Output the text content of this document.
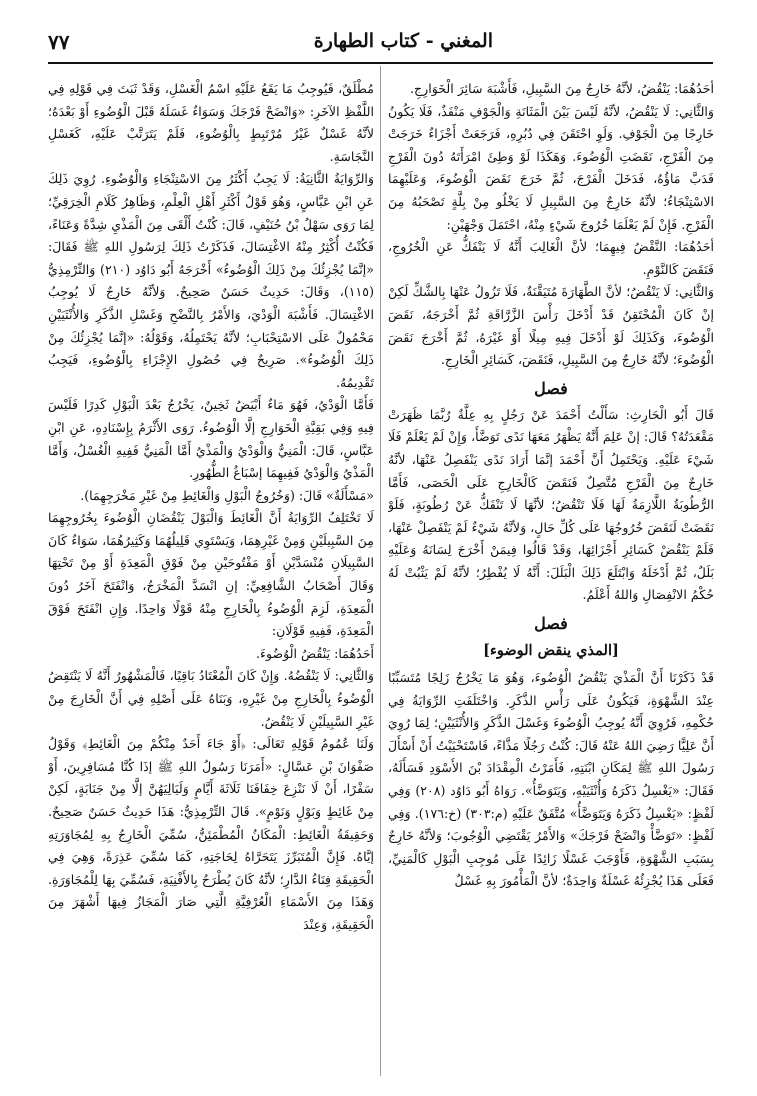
المغني - كتاب الطهارة
٧٧

أحَدُهُمَا: يَنْقُضُ، لأنَّهُ خَارِجٌ مِنَ السَّبِيلِ، فَأَشْبَهَ سَائِرَ الْخَوَارِجِ.

وَالثَّانِي: لَا يَنْقُضُ، لأنَّهُ لَيْسَ بَيْنَ الْمَثَانَةِ وَالْجَوْفِ مَنْفَذٌ، فَلَا يَكُونُ خَارِجًا مِنَ الْجَوْفِ. وَلَوِ احْتَقَنَ فِي دُبُرِهِ، فَرَجَعَتْ أَجْزَاءٌ خَرَجَتْ مِنَ الْفَرْجِ، نَقَضَتِ الْوُضُوءَ. وَهَكَذَا لَوْ وَطِئَ امْرَأَتَهُ دُونَ الْفَرْجِ فَدَبَّ مَاؤُهُ، فَدَخَلَ الْفَرْجَ، ثُمَّ خَرَجَ نَقَضَ الْوُضُوءَ، وَعَلَيْهِمَا الاسْتِنْجَاءُ؛ لأنَّهُ خَارِجٌ مِنَ السَّبِيلِ لَا يَخْلُو مِنْ بِلَّةٍ تَصْحَبُهُ مِنَ الْفَرْجِ. فَإِنْ لَمْ يَعْلَمَا خُرُوجَ شَيْءٍ مِنْهُ، احْتَمَلَ وَجْهَيْنِ:

أحَدُهُمَا: النَّقْضُ فِيهِمَا؛ لأنَّ الْغَالِبَ أَنَّهُ لَا يَنْفَكُّ عَنِ الْخُرُوجِ، فَنَقَضَ كَالنَّوْمِ.

وَالثَّانِي: لَا يَنْقُضُ؛ لأنَّ الطَّهَارَةَ مُتَيَقَّنَةٌ، فَلَا تَزُولُ عَنْهَا بِالشَّكِّ لَكِنْ إنْ كَانَ الْمُحْتَقِنُ قَدْ أَدْخَلَ رَأْسَ الزَّرَّاقَةِ ثُمَّ أَخْرَجَهُ، نَقَضَ الْوُضُوءَ، وَكَذَلِكَ لَوْ أَدْخَلَ فِيهِ مِيلًا أَوْ غَيْرَهُ، ثُمَّ أَخْرَجَ نَقَضَ الْوُضُوءَ؛ لأنَّهُ خَارِجٌ مِنَ السَّبِيلِ، فَنَقَضَ، كَسَائِرِ الْخَارِجِ.

فصل

قَالَ أَبُو الْحَارِثِ: سَأَلْتُ أَحْمَدَ عَنْ رَجُلٍ بِهِ عِلَّةٌ رُبَّمَا ظَهَرَتْ مَقْعَدَتُهُ؟ قَالَ: إنْ عَلِمَ أَنَّهُ يَظْهَرُ مَعَهَا نَدًى تَوَضَّأَ، وَإِنْ لَمْ يَعْلَمْ فَلَا شَيْءَ عَلَيْهِ. وَيَحْتَمِلُ أَنَّ أَحْمَدَ إنَّمَا أَرَادَ نَدًى يَنْفَصِلُ عَنْهَا، لأنَّهُ خَارِجٌ مِنَ الْفَرْجِ مُتَّصِلٌ فَنَقَضَ كَالْخَارِجِ عَلَى الْحَصَى، فَأَمَّا الرُّطُوبَةُ اللَّازِمَةُ لَهَا فَلَا تَنْقُضُ؛ لأنَّهَا لَا تَنْفَكُّ عَنْ رُطُوبَةٍ، فَلَوْ نَقَضَتْ لَنَقَضَ خُرُوجُهَا عَلَى كُلِّ حَالٍ، وَلأنَّهُ شَيْءٌ لَمْ يَنْفَصِلْ عَنْهَا، فَلَمْ يَنْقُضْ كَسَائِرِ أَجْزَائِهَا، وَقَدْ قَالُوا فِيمَنْ أَخْرَجَ لِسَانَهُ وَعَلَيْهِ بَلَلٌ، ثُمَّ أَدْخَلَهُ وَابْتَلَعَ ذَلِكَ الْبَلَلَ: أَنَّهُ لَا يُفْطِرُ؛ لأنَّهُ لَمْ يَثْبُتْ لَهُ حُكْمُ الانْفِصَالِ وَاللهُ أَعْلَمُ.

فصل
[المذي ينقض الوضوء]

قَدْ ذَكَرْنَا أَنَّ الْمَذْيَ يَنْقُضُ الْوُضُوءَ، وَهُوَ مَا يَخْرُجُ زَلِجًا مُتَسَبِّبًا عِنْدَ الشَّهْوَةِ، فَيَكُونُ عَلَى رَأْسِ الذَّكَرِ. وَاخْتَلَفَتِ الرِّوَايَةُ فِي حُكْمِهِ، فَرُوِيَ أَنَّهُ يُوجِبُ الْوُضُوءَ وَغَسْلَ الذَّكَرِ وَالأُنْثَيَيْنِ؛ لِمَا رُوِيَ أَنَّ عَلِيًّا رَضِيَ اللهُ عَنْهُ قَالَ: كُنْتُ رَجُلًا مَذَّاءً، فَاسْتَحْيَيْتُ أَنْ أَسْأَلَ رَسُولَ اللهِ ﷺ لِمَكَانِ ابْنَتِهِ، فَأَمَرْتُ الْمِقْدَادَ بْنَ الأَسْوَدِ فَسَأَلَهُ، فَقَالَ: «يَغْسِلُ ذَكَرَهُ وَأُنْثَيَيْهِ، وَيَتَوَضَّأُ». رَوَاهُ أَبُو دَاوُد (٢٠٨) وَفِي لَفْظٍ: «يَغْسِلُ ذَكَرَهُ وَيَتَوَضَّأُ» مُتَّفَقٌ عَلَيْهِ (م:٣٠٣) (خ:١٧٦). وَفِي لَفْظٍ: «تَوَضَّأْ وَانْضَحْ فَرْجَكَ» وَالأَمْرُ يَقْتَضِي الْوُجُوبَ؛ وَلأنَّهُ خَارِجٌ بِسَبَبِ الشَّهْوَةِ، فَأَوْجَبَ غَسْلًا زَائِدًا عَلَى مُوجِبِ الْبَوْلِ كَالْمَنِيِّ، فَعَلَى هَذَا يُجْزِئُهُ غَسْلَةٌ وَاحِدَةٌ؛ لأنَّ الْمَأْمُورَ بِهِ غَسْلٌ

مُطْلَقٌ، فَيُوجِبُ مَا يَقَعُ عَلَيْهِ اسْمُ الْغَسْلِ، وَقَدْ ثَبَتَ فِي قَوْلِهِ فِي اللَّفْظِ الآخَرِ: «وَانْضَحْ فَرْجَكَ وَسَوَاءٌ غَسَلَهُ قَبْلَ الْوُضُوءِ أَوْ بَعْدَهُ؛ لأنَّهُ غَسْلٌ غَيْرُ مُرْتَبِطٍ بِالْوُضُوءِ، فَلَمْ يَتَرَتَّبْ عَلَيْهِ، كَغَسْلِ النَّجَاسَةِ.

وَالرِّوَايَةُ الثَّانِيَةُ: لَا يَجِبُ أَكْثَرُ مِنَ الاسْتِنْجَاءِ وَالْوُضُوءِ. رُوِيَ ذَلِكَ عَنِ ابْنِ عَبَّاسٍ، وَهُوَ قَوْلُ أَكْثَرِ أَهْلِ الْعِلْمِ، وَظَاهِرُ كَلَامِ الْخِرَقِيِّ؛ لِمَا رَوَى سَهْلُ بْنُ حُنَيْفٍ، قَالَ: كُنْتُ أَلْقَى مِنَ الْمَذْيِ شِدَّةً وَعَنَاءً، فَكُنْتُ أُكْثِرُ مِنْهُ الاغْتِسَالَ، فَذَكَرْتُ ذَلِكَ لِرَسُولِ اللهِ ﷺ فَقَالَ: «إنَّمَا يُجْزِئُكَ مِنْ ذَلِكَ الْوُضُوءُ» أَخْرَجَهُ أَبُو دَاوُد (٢١٠) وَالتِّرْمِذِيُّ (١١٥)، وَقَالَ: حَدِيثٌ حَسَنٌ صَحِيحٌ. وَلأنَّهُ خَارِجٌ لَا يُوجِبُ الاغْتِسَالَ. فَأَشْبَهَ الْوَدْيَ، وَالأَمْرُ بِالنَّضْحِ وَغَسْلِ الذَّكَرِ وَالأُنْثَيَيْنِ مَحْمُولٌ عَلَى الاسْتِحْبَابِ؛ لأنَّهُ يَحْتَمِلُهُ، وَقَوْلُهُ: «إنَّمَا يُجْزِئُكَ مِنْ ذَلِكَ الْوُضُوءُ». صَرِيحٌ فِي حُصُولِ الإِجْزَاءِ بِالْوُضُوءِ، فَيَجِبُ تَقْدِيمُهُ.

فَأَمَّا الْوَدْيُ، فَهُوَ مَاءٌ أَبْيَضُ ثَخِينٌ، يَخْرُجُ بَعْدَ الْبَوْلِ كَدِرًا فَلَيْسَ فِيهِ وَفِي بَقِيَّةِ الْخَوَارِجِ إلَّا الْوُضُوءُ. رَوَى الأَثْرَمُ بِإِسْنَادِهِ، عَنِ ابْنِ عَبَّاسٍ، قَالَ: الْمَنِيُّ وَالْوَدْيُ وَالْمَذْيُ أَمَّا الْمَنِيُّ فَفِيهِ الْغُسْلُ، وَأَمَّا الْمَذْيُ وَالْوَدْيُ فَفِيهِمَا إسْبَاغُ الطُّهُورِ.

«مَسْأَلَةٌ» قَالَ: (وَخُرُوجُ الْبَوْلِ وَالْغَائِطِ مِنْ غَيْرِ مَخْرَجِهِمَا).

لَا تَخْتَلِفُ الرِّوَايَةُ أَنَّ الْغَائِطَ وَالْبَوْلَ يَنْقُضَانِ الْوُضُوءَ بِخُرُوجِهِمَا مِنَ السَّبِيلَيْنِ وَمِنْ غَيْرِهِمَا، وَيَسْتَوِي قَلِيلُهُمَا وَكَثِيرُهُمَا، سَوَاءٌ كَانَ السَّبِيلَانِ مُنْسَدَّيْنِ أَوْ مَفْتُوحَيْنِ مِنْ فَوْقِ الْمَعِدَةِ أَوْ مِنْ تَحْتِهَا وَقَالَ أَصْحَابُ الشَّافِعِيِّ: إنِ انْسَدَّ الْمَخْرَجُ، وَانْفَتَحَ آخَرُ دُونَ الْمَعِدَةِ، لَزِمَ الْوُضُوءُ بِالْخَارِجِ مِنْهُ قَوْلًا وَاحِدًا. وَإِنِ انْفَتَحَ فَوْقَ الْمَعِدَةِ، فَفِيهِ قَوْلَانِ:

أَحَدُهُمَا: يَنْقُضُ الْوُضُوءَ.

وَالثَّانِي: لَا يَنْقُضُهُ. وَإِنْ كَانَ الْمُعْتَادُ بَاقِيًا، فَالْمَشْهُورُ أَنَّهُ لَا يَنْتَقِضُ الْوُضُوءُ بِالْخَارِجِ مِنْ غَيْرِهِ، وَبَنَاهُ عَلَى أَصْلِهِ فِي أَنَّ الْخَارِجَ مِنْ غَيْرِ السَّبِيلَيْنِ لَا يَنْقُضُ.

وَلَنَا عُمُومُ قَوْلِهِ تَعَالَى: ﴿أَوْ جَاءَ أَحَدٌ مِنْكُمْ مِنَ الْغَائِطِ﴾ وَقَوْلُ صَفْوَانَ بْنِ عَسَّالٍ: «أَمَرَنَا رَسُولُ اللهِ ﷺ إذَا كُنَّا مُسَافِرِينَ، أَوْ سَفْرًا، أَنْ لَا نَنْزِعَ خِفَافَنَا ثَلَاثَةَ أَيَّامٍ وَلَيَالِيَهُنَّ إلَّا مِنْ جَنَابَةٍ، لَكِنْ مِنْ غَائِطٍ وَبَوْلٍ وَنَوْمٍ». قَالَ التِّرْمِذِيُّ: هَذَا حَدِيثٌ حَسَنٌ صَحِيحٌ. وَحَقِيقَةُ الْغَائِطِ: الْمَكَانُ الْمُطْمَئِنُّ، سُمِّيَ الْخَارِجُ بِهِ لِمُجَاوَرَتِهِ إيَّاهُ. فَإِنَّ الْمُتَبَرِّزَ يَتَحَرَّاهُ لِحَاجَتِهِ، كَمَا سُمِّيَ عَذِرَةً، وَهِيَ فِي الْحَقِيقَةِ فِنَاءُ الدَّارِ؛ لأنَّهُ كَانَ يُطْرَحُ بِالأَفْنِيَةِ، فَسُمِّيَ بِهَا لِلْمُجَاوَرَةِ. وَهَذَا مِنَ الأَسْمَاءِ الْعُرْفِيَّةِ الَّتِي صَارَ الْمَجَازُ فِيهَا أَشْهَرَ مِنَ الْحَقِيقَةِ، وَعِنْدَ
